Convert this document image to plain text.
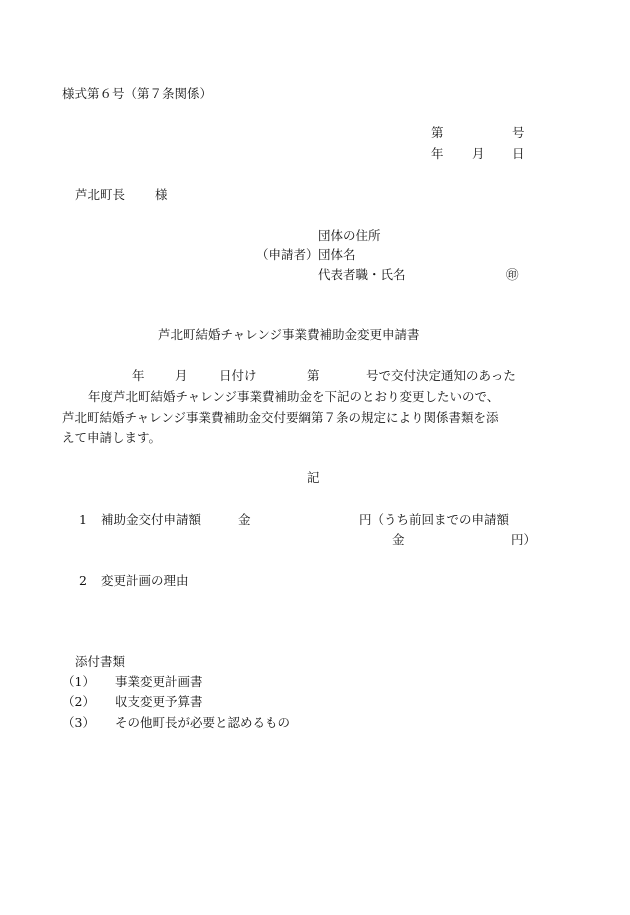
様式第６号（第７条関係）
第	号
年 月 日
芦北町長 様
団体の住所
（申請者） 団体名
代表者職・氏名	㊞
芦北町結婚チャレンジ事業費補助金変更申請書
年 月	日付け	第	号で交付決定通知のあった
年度芦北町結婚チャレンジ事業費補助金を下記のとおり変更したいので、
芦北町結婚チャレンジ事業費補助金交付要綱第７条の規定により関係書類を添
えて申請します。
記
1 補助金交付申請額	金	円（うち前回までの申請額
金	円）
2 変更計画の理由
添付書類
（1） 事業変更計画書
（2） 収支変更予算書
（3） その他町長が必要と認めるもの
